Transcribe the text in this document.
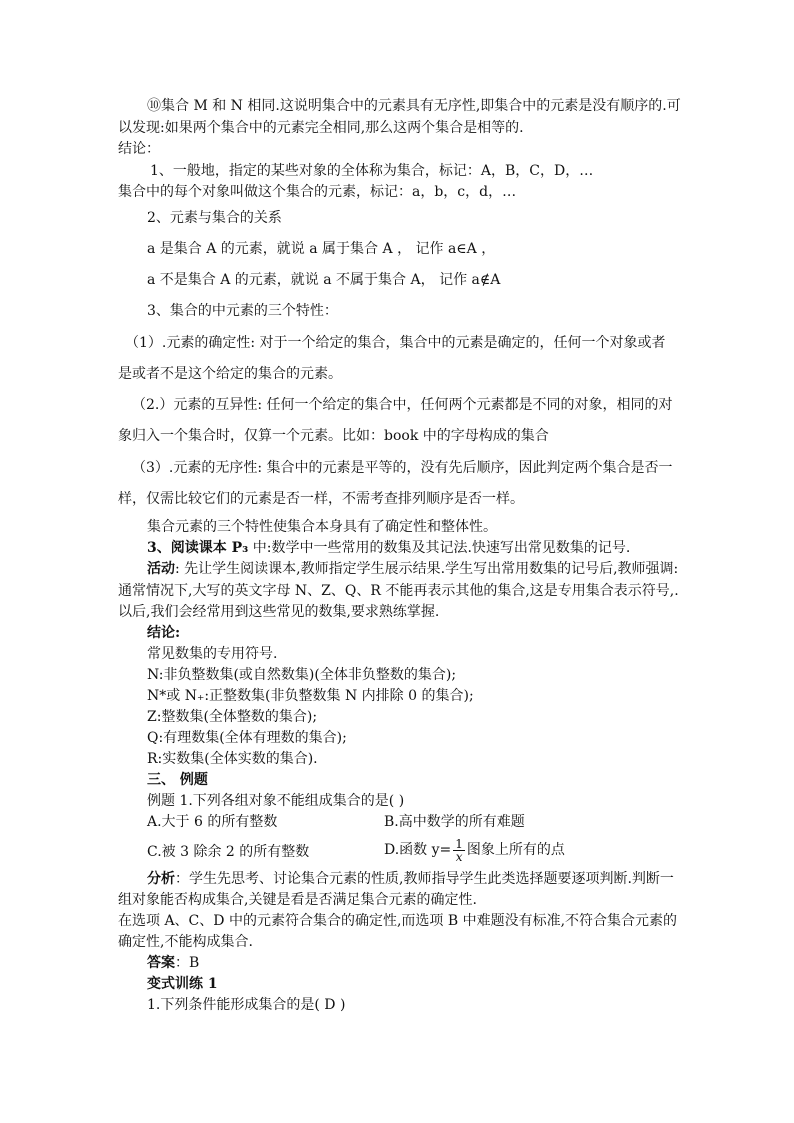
⑩集合 M 和 N 相同.这说明集合中的元素具有无序性,即集合中的元素是没有顺序的.可
以发现:如果两个集合中的元素完全相同,那么这两个集合是相等的.
结论：
1、一般地，指定的某些对象的全体称为集合，标记：A，B，C，D，…
集合中的每个对象叫做这个集合的元素，标记：a，b，c，d，…
2、元素与集合的关系
a 是集合 A 的元素，就说 a 属于集合 A ， 记作 a∈A ，
a 不是集合 A 的元素，就说 a 不属于集合 A， 记作 a∉A
3、集合的中元素的三个特性：
（1）.元素的确定性: 对于一个给定的集合，集合中的元素是确定的，任何一个对象或者
是或者不是这个给定的集合的元素。
（2.）元素的互异性: 任何一个给定的集合中，任何两个元素都是不同的对象，相同的对
象归入一个集合时，仅算一个元素。比如：book 中的字母构成的集合
（3）.元素的无序性: 集合中的元素是平等的，没有先后顺序，因此判定两个集合是否一
样，仅需比较它们的元素是否一样，不需考查排列顺序是否一样。
集合元素的三个特性使集合本身具有了确定性和整体性。
3、阅读课本 P₃ 中:数学中一些常用的数集及其记法.快速写出常见数集的记号.
活动: 先让学生阅读课本,教师指定学生展示结果.学生写出常用数集的记号后,教师强调:
通常情况下,大写的英文字母 N、Z、Q、R 不能再表示其他的集合,这是专用集合表示符号,.
以后,我们会经常用到这些常见的数集,要求熟练掌握.
结论:
常见数集的专用符号.
N:非负整数集(或自然数集)(全体非负整数的集合);
N*或 N₊:正整数集(非负整数集 N 内排除 0 的集合);
Z:整数集(全体整数的集合);
Q:有理数集(全体有理数的集合);
R:实数集(全体实数的集合).
三、 例题
例题 1.下列各组对象不能组成集合的是( )
A.大于 6 的所有整数	B.高中数学的所有难题
C.被 3 除余 2 的所有整数	D.函数 $y= \frac{1}{x}$ 图象上所有的点
分析：学生先思考、讨论集合元素的性质,教师指导学生此类选择题要逐项判断.判断一
组对象能否构成集合,关键是看是否满足集合元素的确定性.
在选项 A、C、D 中的元素符合集合的确定性,而选项 B 中难题没有标准,不符合集合元素的
确定性,不能构成集合.
答案：B
变式训练 1
1.下列条件能形成集合的是( D )
